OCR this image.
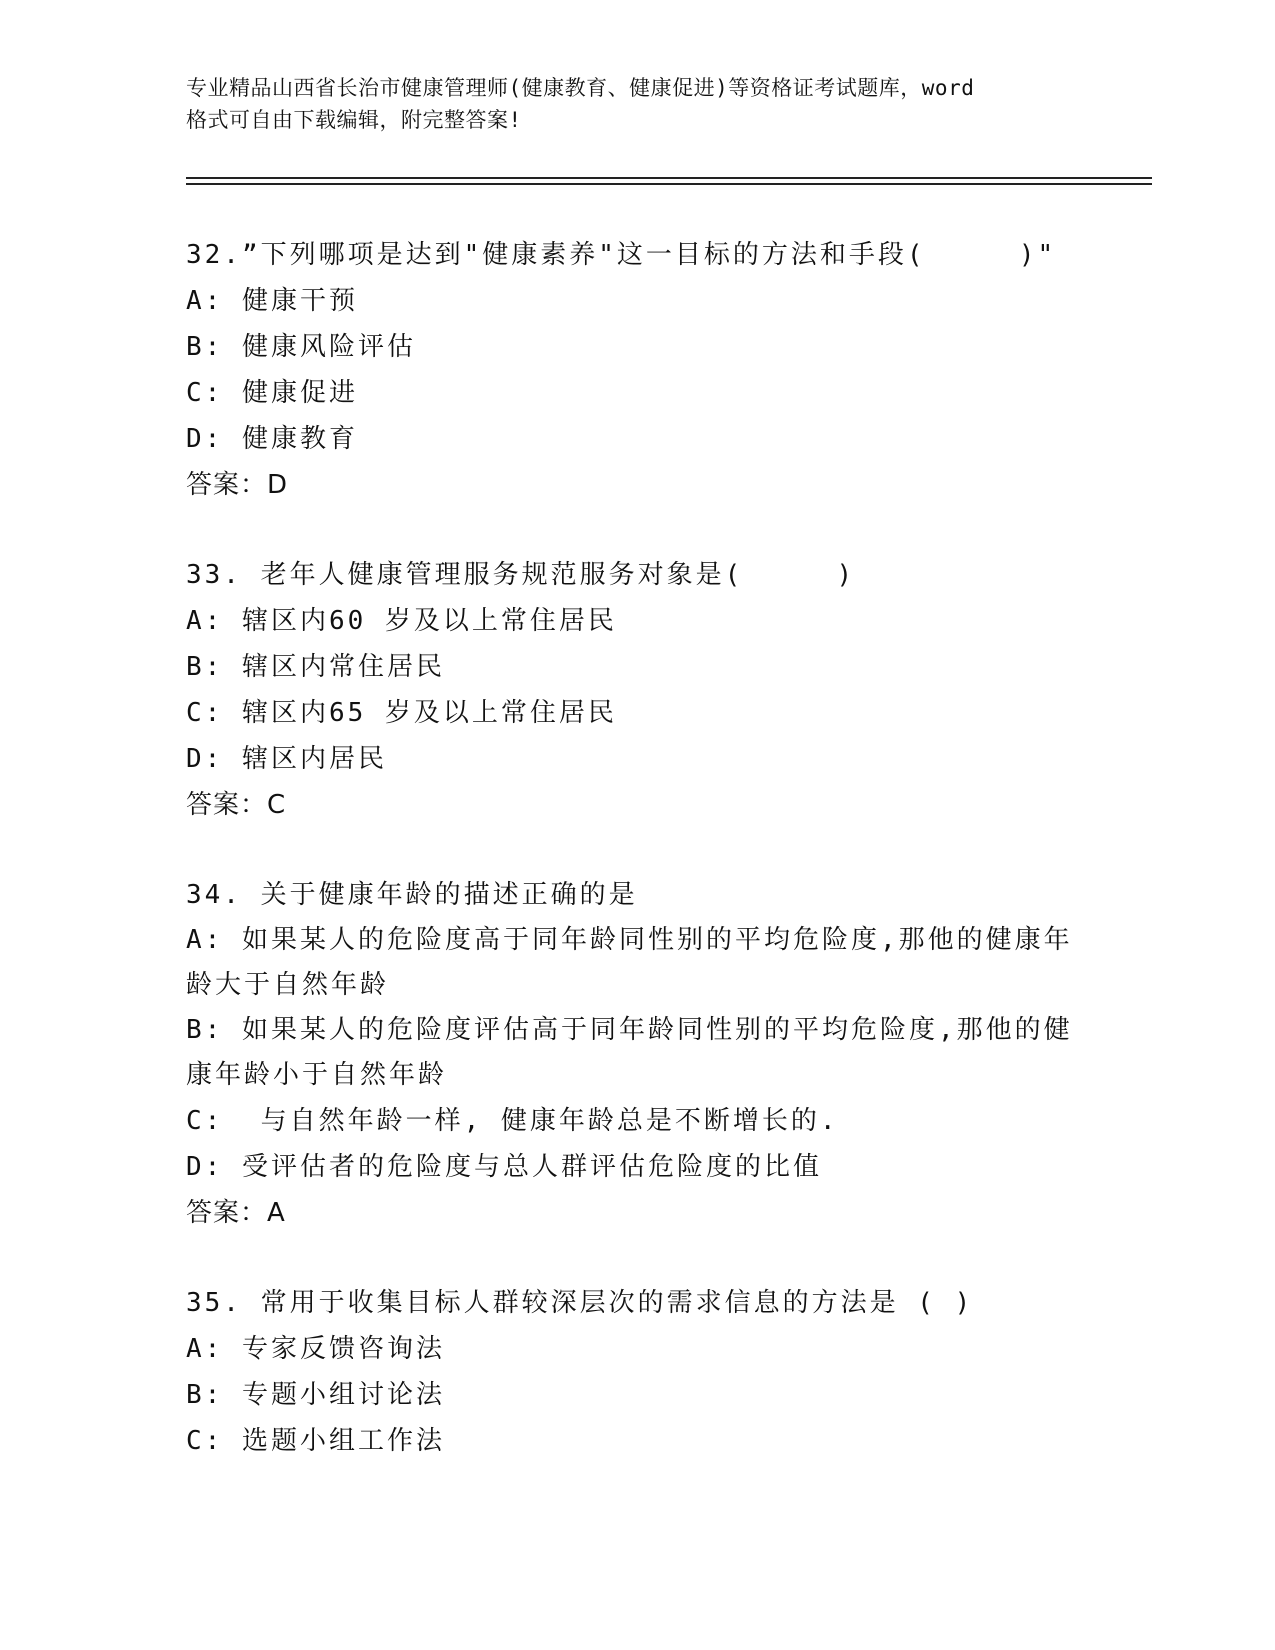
专业精品山西省长治市健康管理师(健康教育、健康促进)等资格证考试题库，word
格式可自由下载编辑，附完整答案!
32.”下列哪项是达到"健康素养"这一目标的方法和手段(     )"
A: 健康干预
B: 健康风险评估
C: 健康促进
D: 健康教育
答案：D
33. 老年人健康管理服务规范服务对象是(     )
A: 辖区内60 岁及以上常住居民
B: 辖区内常住居民
C: 辖区内65 岁及以上常住居民
D: 辖区内居民
答案：C
34. 关于健康年龄的描述正确的是
A: 如果某人的危险度高于同年龄同性别的平均危险度,那他的健康年龄大于自然年龄
B: 如果某人的危险度评估高于同年龄同性别的平均危险度,那他的健康年龄小于自然年龄
C:  与自然年龄一样, 健康年龄总是不断增长的.
D: 受评估者的危险度与总人群评估危险度的比值
答案：A
35. 常用于收集目标人群较深层次的需求信息的方法是 ( )
A: 专家反馈咨询法
B: 专题小组讨论法
C: 选题小组工作法
